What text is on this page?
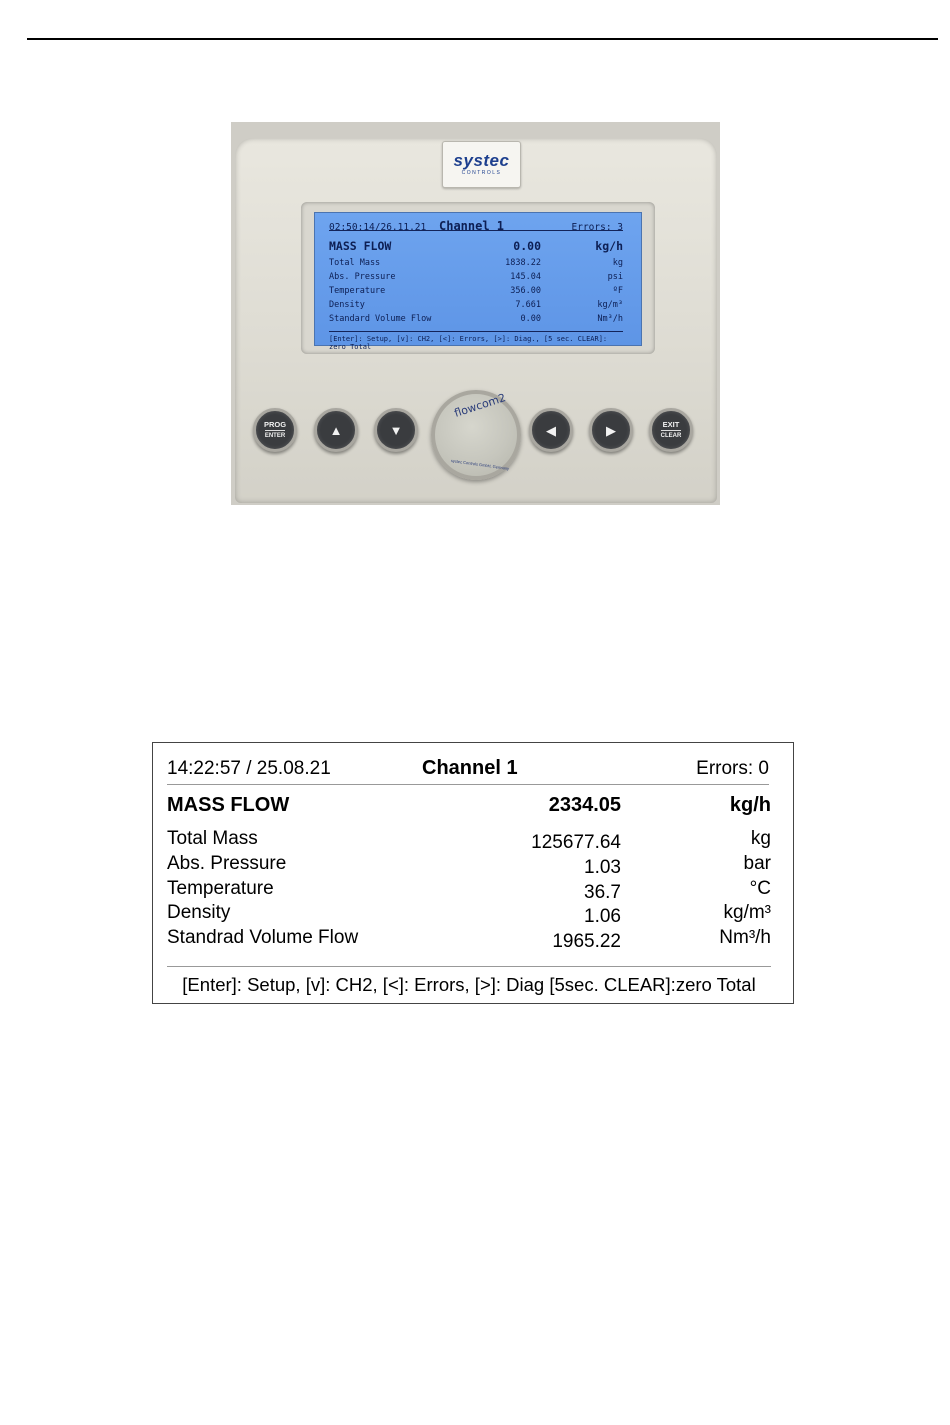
systec
CONTROLS
02:50:14/26.11.21	Channel 1	Errors: 3
MASS FLOW	0.00	kg/h
Total Mass	1838.22	kg
Abs. Pressure	145.04	psi
Temperature	356.00	ºF
Density	7.661	kg/m³
Standard Volume Flow	0.00	Nm³/h
[Enter]: Setup, [v]: CH2, [<]: Errors, [>]: Diag., [5 sec. CLEAR]: zero Total
PROG
ENTER	▲	▼
flowcom2
systec Controls GmbH, Germany
◀	▶	EXIT
CLEAR
14:22:57 / 25.08.21	Channel 1	Errors: 0
MASS FLOW	2334.05	kg/h
Total Mass	125677.64	kg
Abs. Pressure	1.03	bar
Temperature	36.7	°C
Density	1.06	kg/m³
Standrad Volume Flow	1965.22	Nm³/h
[Enter]: Setup, [v]: CH2, [<]: Errors, [>]: Diag [5sec. CLEAR]:zero Total
